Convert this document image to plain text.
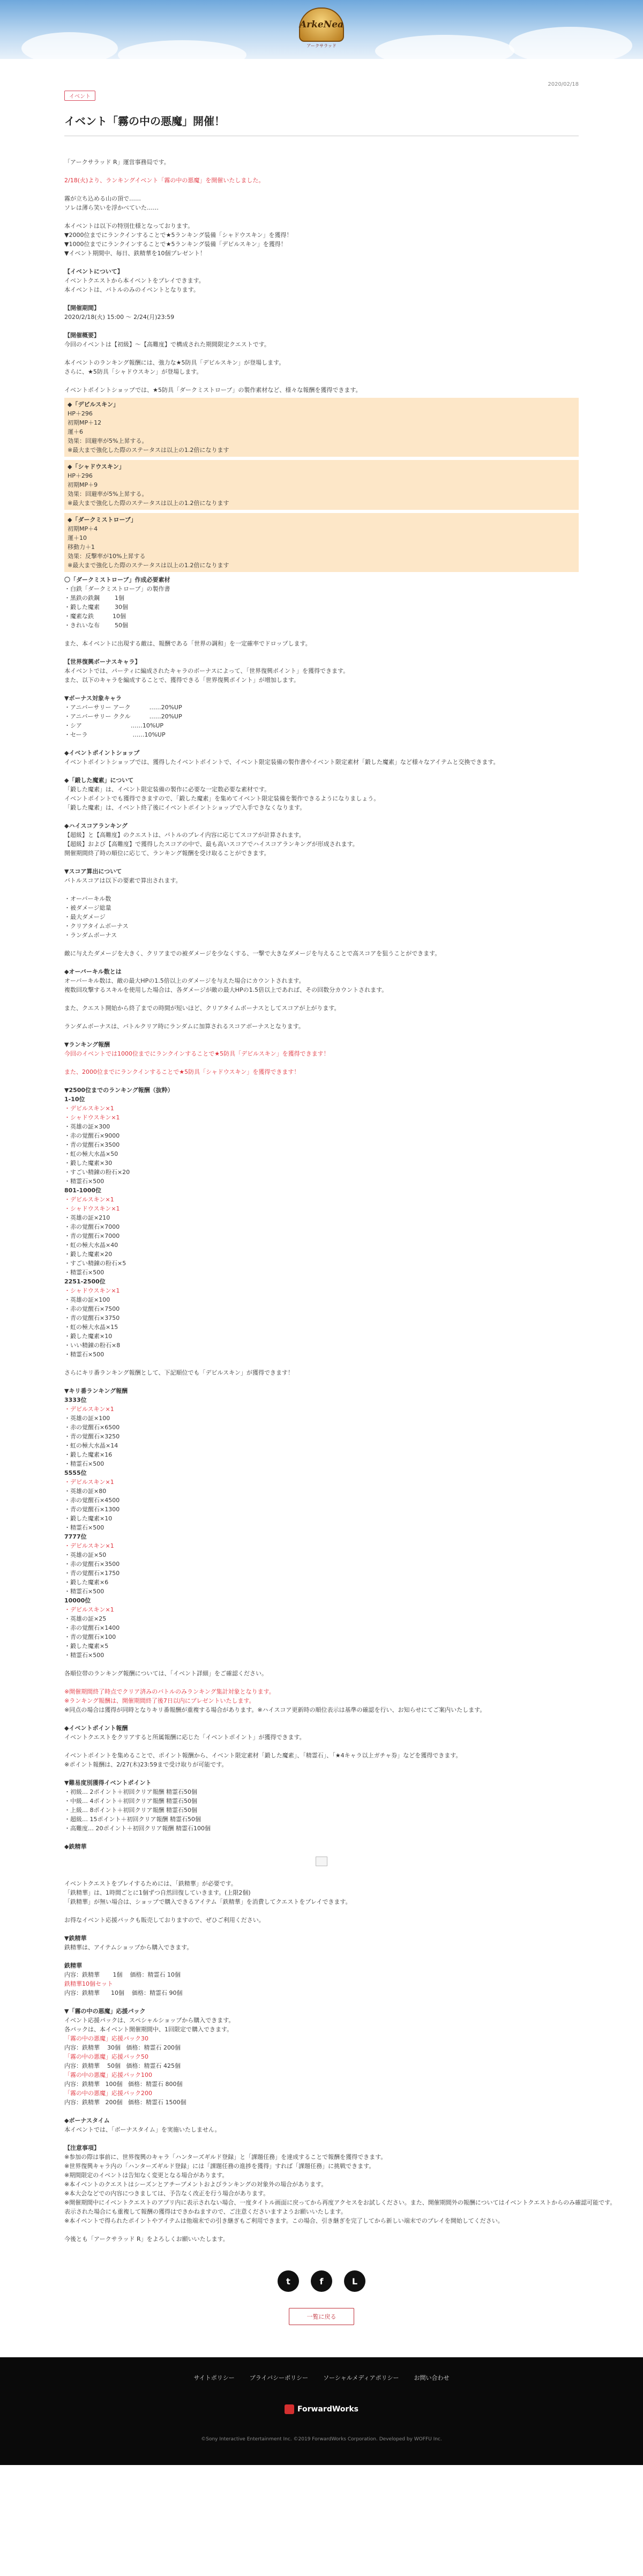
ArkeNea
アークサラッド
2020/02/18
イベント
イベント「霧の中の悪魔」開催！
「アークサラッド R」運営事務局です。
2/18(火)より、ランキングイベント「霧の中の悪魔」を開催いたしました。
霧が立ち込める山の頂で……
ソレは薄ら笑いを浮かべていた……
本イベントは以下の特別仕様となっております。
▼2000位までにランクインすることで★5ランキング装備「シャドウスキン」を獲得！
▼1000位までにランクインすることで★5ランキング装備「デビルスキン」を獲得！
▼イベント期間中、毎日、鉄精華を10個プレゼント！
【イベントについて】
イベントクエストから本イベントをプレイできます。
本イベントは、バトルのみのイベントとなります。
【開催期間】
2020/2/18(火) 15:00 ～ 2/24(月)23:59
【開催概要】
今回のイベントは【初級】〜【高難度】で構成された期間限定クエストです。
本イベントのランキング報酬には、強力な★5防具「デビルスキン」が登場します。
さらに、★5防具「シャドウスキン」が登場します。
イベントポイントショップでは、★5防具「ダークミストローブ」の製作素材など、様々な報酬を獲得できます。
◆「デビルスキン」
HP＋296
初期MP＋12
運＋6
効果：回避率が5%上昇する。
※最大まで強化した際のステータスは以上の1.2倍になります
◆「シャドウスキン」
HP＋296
初期MP＋9
効果：回避率が5%上昇する。
※最大まで強化した際のステータスは以上の1.2倍になります
◆「ダークミストローブ」
初期MP＋4
運＋10
移動力＋1
効果：反撃率が10%上昇する
※最大まで強化した際のステータスは以上の1.2倍になります
〇「ダークミストローブ」作成必要素材
・白鉄「ダークミストローブ」の製作書
・黒鉄の鉄鋼        1個
・鍛した魔素        30個
・魔素な鉄          10個
・きれいな布        50個
また、本イベントに出現する敵は、報酬である「世界の調和」を一定確率でドロップします。
【世界復興ボーナスキャラ】
本イベントでは、パーティに編成されたキャラのボーナスによって、「世界復興ポイント」を獲得できます。
また、以下のキャラを編成することで、獲得できる「世界復興ポイント」が増加します。
▼ボーナス対象キャラ
・アニバーサリー アーク          ……20%UP
・アニバーサリー ククル          ……20%UP
・シア                          ……10%UP
・セーラ                        ……10%UP
◆イベントポイントショップ
イベントポイントショップでは、獲得したイベントポイントで、イベント限定装備の製作書やイベント限定素材「鍛した魔素」など様々なアイテムと交換できます。
◆「鍛した魔素」について
「鍛した魔素」は、イベント限定装備の製作に必要な一定数必要な素材です。
イベントポイントでも獲得できますので、「鍛した魔素」を集めてイベント限定装備を製作できるようになりましょう。
「鍛した魔素」は、イベント終了後にイベントポイントショップで入手できなくなります。
◆ハイスコアランキング
【超級】と【高難度】のクエストは、バトルのプレイ内容に応じてスコアが計算されます。
【超級】および【高難度】で獲得したスコアの中で、最も高いスコアでハイスコアランキングが形成されます。
開催期間終了時の順位に応じて、ランキング報酬を受け取ることができます。
▼スコア算出について
バトルスコアは以下の要素で算出されます。
・オーバーキル数
・被ダメージ総量
・最大ダメージ
・クリアタイムボーナス
・ランダムボーナス
敵に与えたダメージを大きく、クリアまでの被ダメージを少なくする、一撃で大きなダメージを与えることで高スコアを狙うことができます。
◆オーバーキル数とは
オーバーキル数は、敵の最大HPの1.5倍以上のダメージを与えた場合にカウントされます。
複数回攻撃するスキルを使用した場合は、各ダメージが敵の最大HPの1.5倍以上であれば、その回数分カウントされます。
また、クエスト開始から終了までの時間が短いほど、クリアタイムボーナスとしてスコアが上がります。
ランダムボーナスは、バトルクリア時にランダムに加算されるスコアボーナスとなります。
▼ランキング報酬
今回のイベントでは1000位までにランクインすることで★5防具「デビルスキン」を獲得できます！
また、2000位までにランクインすることで★5防具「シャドウスキン」を獲得できます！
▼2500位までのランキング報酬（抜粋）
1-10位
・デビルスキン×1
・シャドウスキン×1
・英雄の証×300
・赤の覚醒石×9000
・青の覚醒石×3500
・虹の極大水晶×50
・鍛した魔素×30
・すごい精錬の粉石×20
・精霊石×500
801-1000位
・デビルスキン×1
・シャドウスキン×1
・英雄の証×210
・赤の覚醒石×7000
・青の覚醒石×7000
・虹の極大水晶×40
・鍛した魔素×20
・すごい精錬の粉石×5
・精霊石×500
2251-2500位
・シャドウスキン×1
・英雄の証×100
・赤の覚醒石×7500
・青の覚醒石×3750
・虹の極大水晶×15
・鍛した魔素×10
・いい精錬の粉石×8
・精霊石×500
さらにキリ番ランキング報酬として、下記順位でも「デビルスキン」が獲得できます！
▼キリ番ランキング報酬
3333位
・デビルスキン×1
・英雄の証×100
・赤の覚醒石×6500
・青の覚醒石×3250
・虹の極大水晶×14
・鍛した魔素×16
・精霊石×500
5555位
・デビルスキン×1
・英雄の証×80
・赤の覚醒石×4500
・青の覚醒石×1300
・鍛した魔素×10
・精霊石×500
7777位
・デビルスキン×1
・英雄の証×50
・赤の覚醒石×3500
・青の覚醒石×1750
・鍛した魔素×6
・精霊石×500
10000位
・デビルスキン×1
・英雄の証×25
・赤の覚醒石×1400
・青の覚醒石×100
・鍛した魔素×5
・精霊石×500
各順位帯のランキング報酬については、「イベント詳細」をご確認ください。
※開催期間終了時点でクリア済みのバトルのみランキング集計対象となります。
※ランキング報酬は、開催期間終了後7日以内にプレゼントいたします。
※同点の場合は獲得が同時となりキリ番報酬が重複する場合があります。※ハイスコア更新時の順位表示は基準の確認を行い、お知らせにてご案内いたします。
◆イベントポイント報酬
イベントクエストをクリアすると所属報酬に応じた「イベントポイント」が獲得できます。
イベントポイントを集めることで、ポイント報酬から、イベント限定素材「鍛した魔素」、「精霊石」、「★4キャラ以上ガチャ券」などを獲得できます。
※ポイント報酬は、2/27(木)23:59まで受け取りが可能です。
▼難易度別獲得イベントポイント
・初級… 2ポイント＋初回クリア報酬 精霊石50個
・中級… 4ポイント＋初回クリア報酬 精霊石50個
・上級… 8ポイント＋初回クリア報酬 精霊石50個
・超級… 15ポイント＋初回クリア報酬 精霊石50個
・高難度… 20ポイント＋初回クリア報酬 精霊石100個
◆鉄精華
イベントクエストをプレイするためには、「鉄精華」が必要です。
「鉄精華」は、1時間ごとに1個ずつ自然回復していきます。(上限2個)
「鉄精華」が無い場合は、ショップで購入できるアイテム「鉄精華」を消費してクエストをプレイできます。
お得なイベント応援パックも販売しておりますので、ぜひご利用ください。
▼鉄精華
鉄精華は、アイテムショップから購入できます。
鉄精華
内容：鉄精華       1個    価格：精霊石 10個
鉄精華10個セット
内容：鉄精華      10個    価格：精霊石 90個
▼「霧の中の悪魔」応援パック
イベント応援パックは、スペシャルショップから購入できます。
各パックは、本イベント開催期間中、1回限定で購入できます。
「霧の中の悪魔」応援パック30
内容：鉄精華    30個   価格：精霊石 200個
「霧の中の悪魔」応援パック50
内容：鉄精華    50個   価格：精霊石 425個
「霧の中の悪魔」応援パック100
内容：鉄精華   100個   価格：精霊石 800個
「霧の中の悪魔」応援パック200
内容：鉄精華   200個   価格：精霊石 1500個
◆ボーナスタイム
本イベントでは、「ボーナスタイム」を実施いたしません。
【注意事項】
※参加の際は事前に、世界復興のキャラ「ハンターズギルド登録」と「課題任務」を達成することで報酬を獲得できます。
※世界復興キャラ内の「ハンターズギルド登録」には「課題任務の進捗を獲得」すれば「課題任務」に挑戦できます。
※期間限定のイベントは告知なく変更となる場合があります。
※本イベントのクエストはシーズンとアチーブメントおよびランキングの対象外の場合があります。
※本大会などでの内容につきましては、予告なく改正を行う場合があります。
※開催期間中にイベントクエストのアプリ内に表示されない場合、一度タイトル画面に戻ってから再度アクセスをお試しください。また、開催期間外の報酬についてはイベントクエストからのみ確認可能です。
表示された場合にも重複して報酬の獲得はできかねますので、ご注意くださいますようお願いいたします。
※本イベントで得られたポイントやアイテムは他端末での引き継ぎもご利用できます。この場合、引き継ぎを完了してから新しい端末でのプレイを開始してください。
今後とも「アークサラッド R」をよろしくお願いいたします。
t	f	L
一覧に戻る
サイトポリシー	プライバシーポリシー	ソーシャルメディアポリシー	お問い合わせ
ForwardWorks
©Sony Interactive Entertainment Inc. ©2019 ForwardWorks Corporation. Developed by WOFFU Inc.
